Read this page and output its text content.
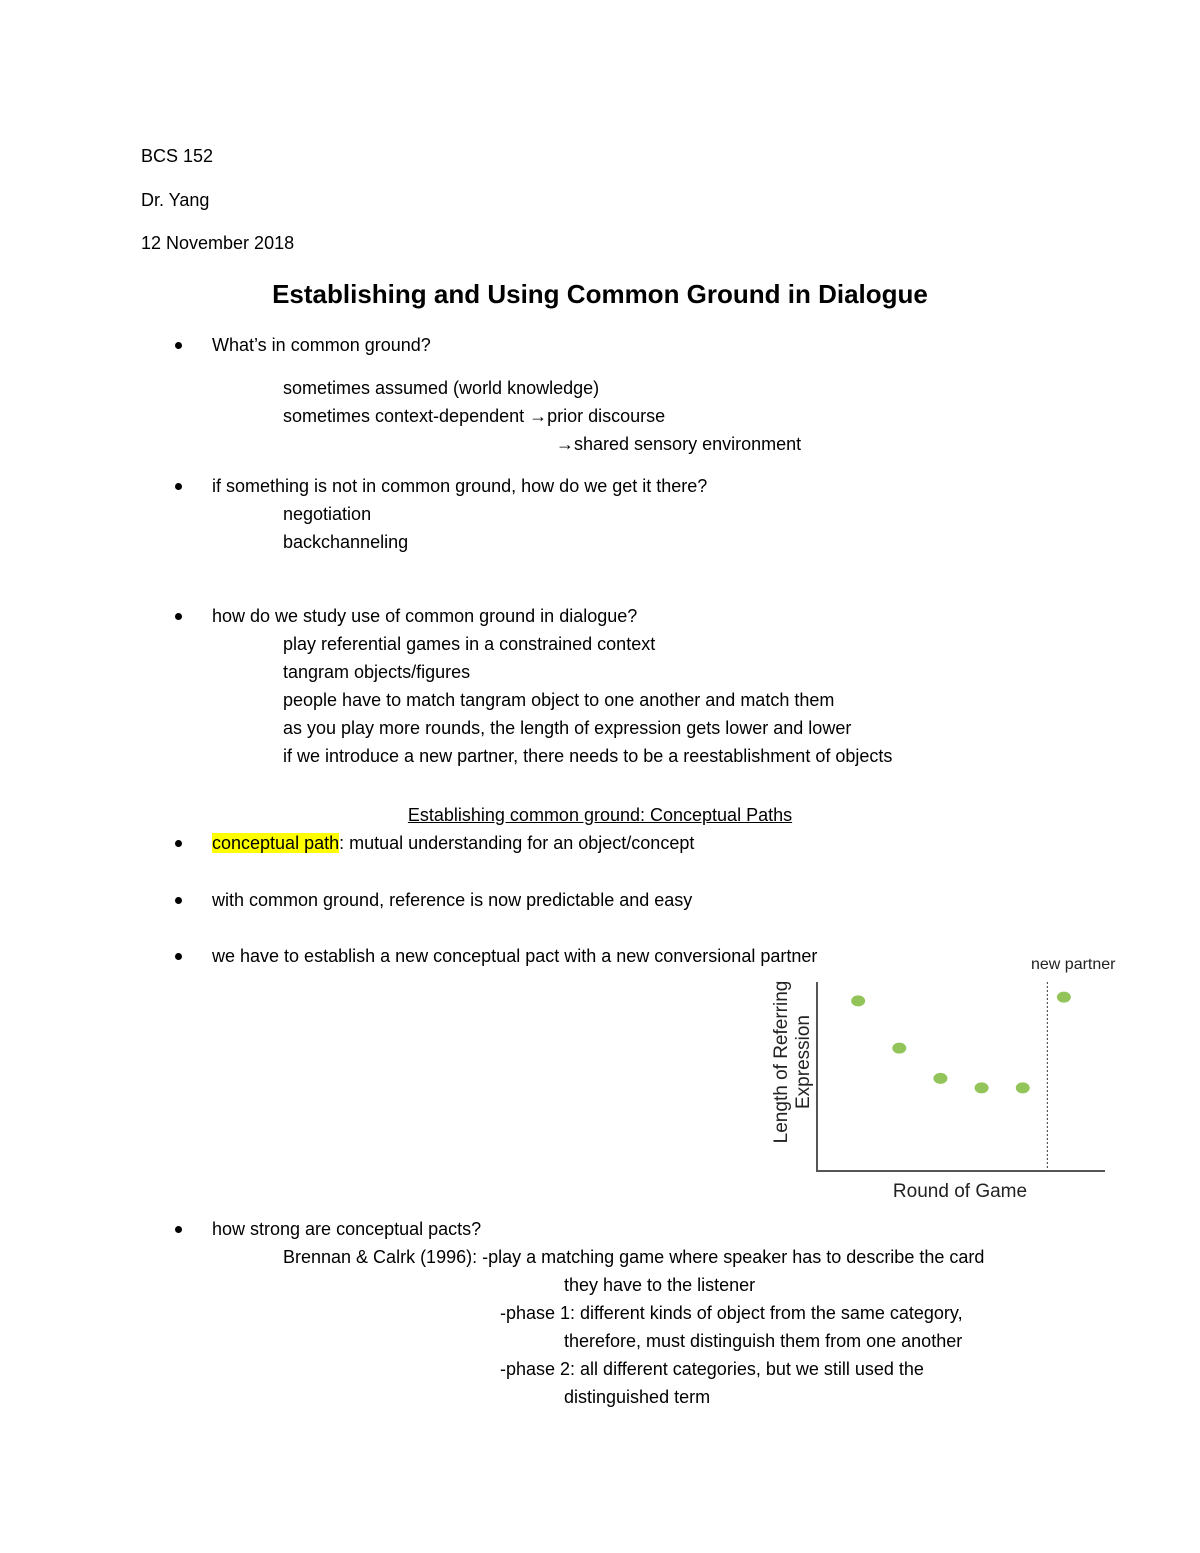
BCS 152
Dr. Yang
12 November 2018
Establishing and Using Common Ground in Dialogue
What’s in common ground?
sometimes assumed (world knowledge)
sometimes context-dependent →prior discourse
→shared sensory environment
if something is not in common ground, how do we get it there?
negotiation
backchanneling
how do we study use of common ground in dialogue?
play referential games in a constrained context
tangram objects/figures
people have to match tangram object to one another and match them
as you play more rounds, the length of expression gets lower and lower
if we introduce a new partner, there needs to be a reestablishment of objects
Establishing common ground: Conceptual Paths
conceptual path: mutual understanding for an object/concept
with common ground, reference is now predictable and easy
we have to establish a new conceptual pact with a new conversional partner	new partner
Length of Referring Expression
Round of Game
how strong are conceptual pacts?
Brennan & Calrk (1996): -play a matching game where speaker has to describe the card
they have to the listener
-phase 1: different kinds of object from the same category,
therefore, must distinguish them from one another
-phase 2: all different categories, but we still used the
distinguished term
